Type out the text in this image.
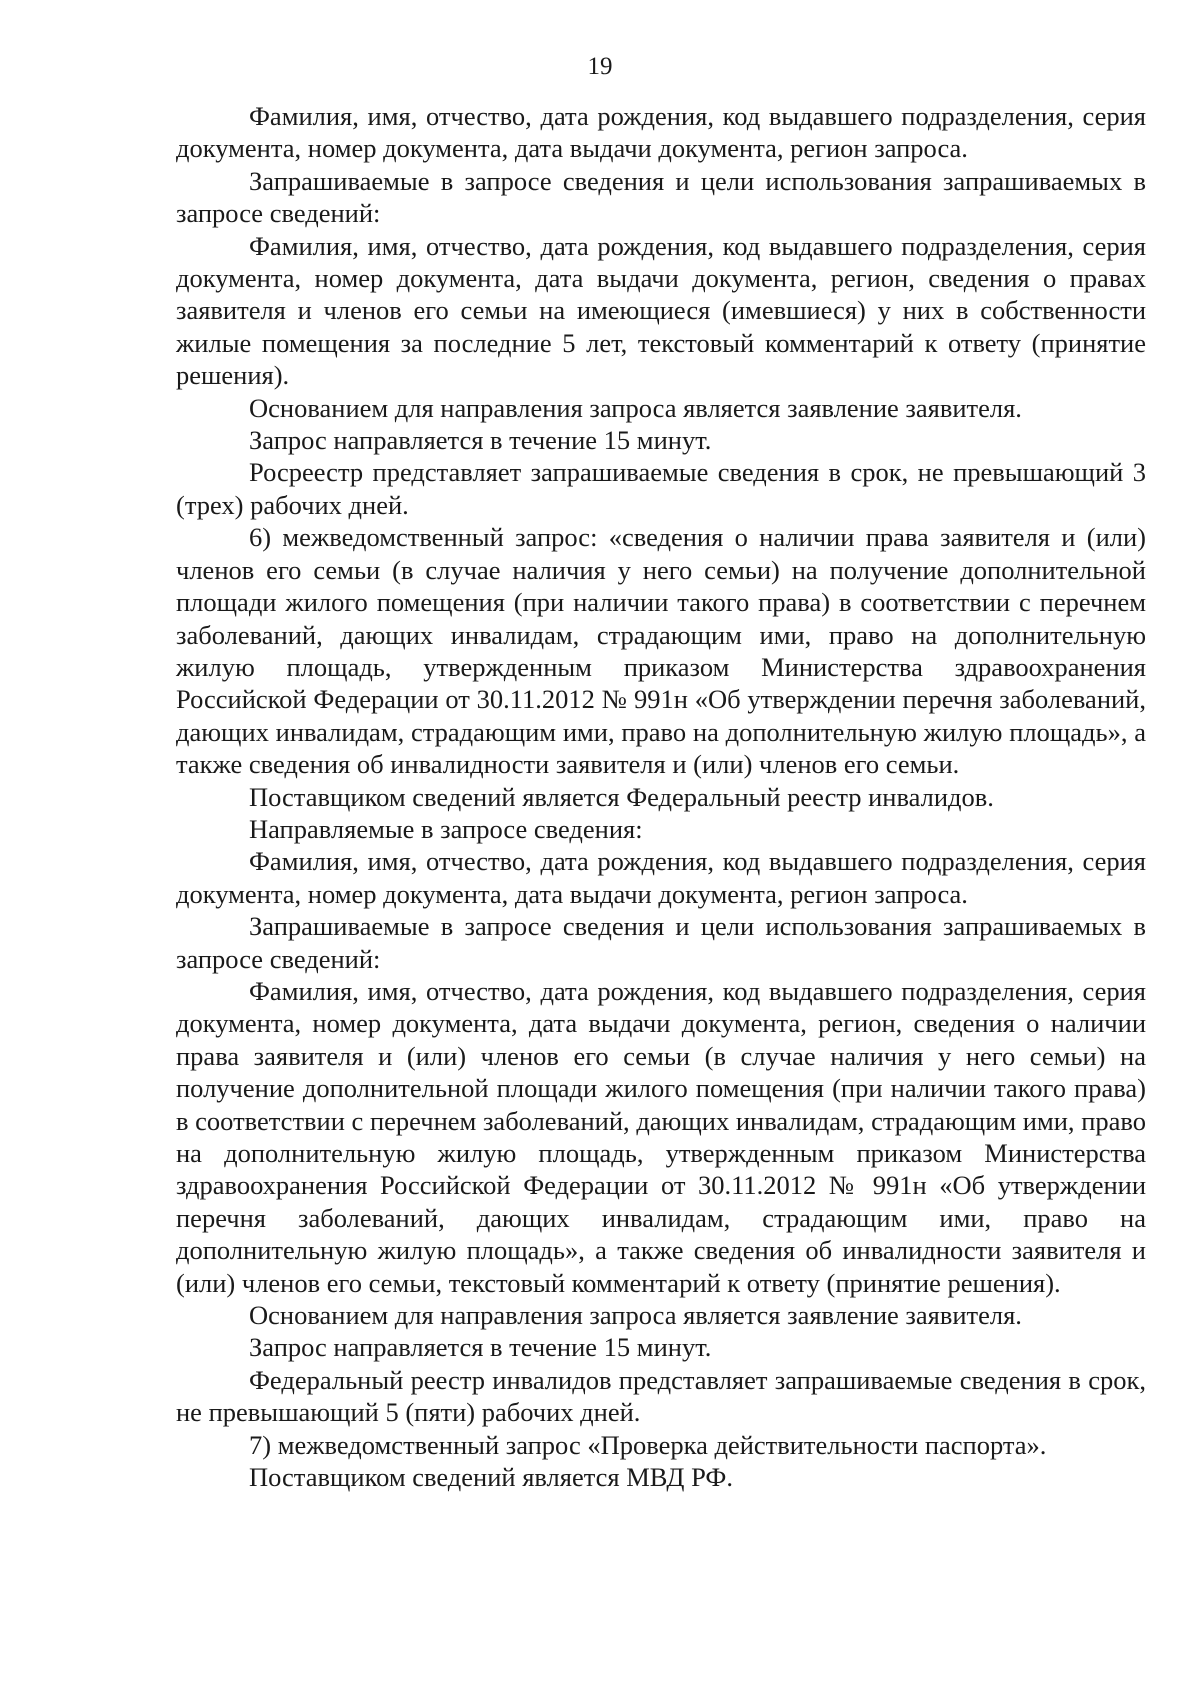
19

Фамилия, имя, отчество, дата рождения, код выдавшего подразделения, серия документа, номер документа, дата выдачи документа, регион запроса.

Запрашиваемые в запросе сведения и цели использования запрашиваемых в запросе сведений:

Фамилия, имя, отчество, дата рождения, код выдавшего подразделения, серия документа, номер документа, дата выдачи документа, регион, сведения о правах заявителя и членов его семьи на имеющиеся (имевшиеся) у них в собственности жилые помещения за последние 5 лет, текстовый комментарий к ответу (принятие решения).

Основанием для направления запроса является заявление заявителя.

Запрос направляется в течение 15 минут.

Росреестр представляет запрашиваемые сведения в срок, не превышающий 3 (трех) рабочих дней.

6) межведомственный запрос: «сведения о наличии права заявителя и (или) членов его семьи (в случае наличия у него семьи) на получение дополнительной площади жилого помещения (при наличии такого права) в соответствии с перечнем заболеваний, дающих инвалидам, страдающим ими, право на дополнительную жилую площадь, утвержденным приказом Министерства здравоохранения Российской Федерации от 30.11.2012 № 991н «Об утверждении перечня заболеваний, дающих инвалидам, страдающим ими, право на дополнительную жилую площадь», а также сведения об инвалидности заявителя и (или) членов его семьи.

Поставщиком сведений является Федеральный реестр инвалидов.

Направляемые в запросе сведения:

Фамилия, имя, отчество, дата рождения, код выдавшего подразделения, серия документа, номер документа, дата выдачи документа, регион запроса.

Запрашиваемые в запросе сведения и цели использования запрашиваемых в запросе сведений:

Фамилия, имя, отчество, дата рождения, код выдавшего подразделения, серия документа, номер документа, дата выдачи документа, регион, сведения о наличии права заявителя и (или) членов его семьи (в случае наличия у него семьи) на получение дополнительной площади жилого помещения (при наличии такого права) в соответствии с перечнем заболеваний, дающих инвалидам, страдающим ими, право на дополнительную жилую площадь, утвержденным приказом Министерства здравоохранения Российской Федерации от 30.11.2012 № 991н «Об утверждении перечня заболеваний, дающих инвалидам, страдающим ими, право на дополнительную жилую площадь», а также сведения об инвалидности заявителя и (или) членов его семьи, текстовый комментарий к ответу (принятие решения).

Основанием для направления запроса является заявление заявителя.

Запрос направляется в течение 15 минут.

Федеральный реестр инвалидов представляет запрашиваемые сведения в срок, не превышающий 5 (пяти) рабочих дней.

7) межведомственный запрос «Проверка действительности паспорта».

Поставщиком сведений является МВД РФ.
